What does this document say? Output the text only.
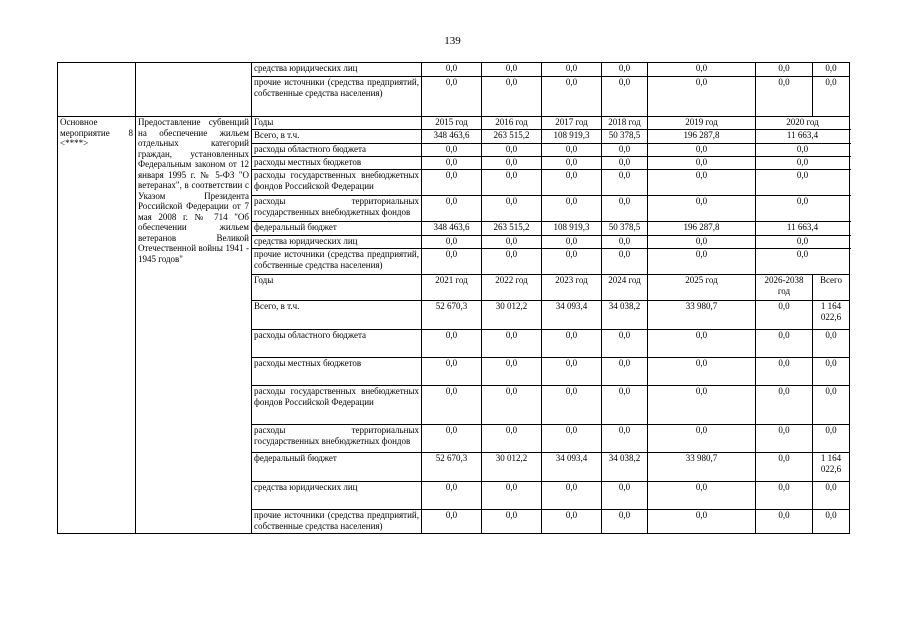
139
		средства юридических лиц	0,0	0,0	0,0	0,0	0,0	0,0	0,0
		прочие источники (средства предприятий, собственные средства населения)	0,0	0,0	0,0	0,0	0,0	0,0	0,0
Основное мероприятие 8 <****>	Предоставление субвенций на обеспечение жильем отдельных категорий граждан, установленных Федеральным законом от 12 января 1995 г. № 5-ФЗ "О ветеранах", в соответствии с Указом Президента Российской Федерации от 7 мая 2008 г. № 714 "Об обеспечении жильем ветеранов Великой Отечественной войны 1941 - 1945 годов"	Годы	2015 год	2016 год	2017 год	2018 год	2019 год	2020 год	
		Всего, в т.ч.	348 463,6	263 515,2	108 919,3	50 378,5	196 287,8	11 663,4	
		расходы областного бюджета	0,0	0,0	0,0	0,0	0,0	0,0	
		расходы местных бюджетов	0,0	0,0	0,0	0,0	0,0	0,0	
		расходы государственных внебюджетных фондов Российской Федерации	0,0	0,0	0,0	0,0	0,0	0,0	
		расходы территориальных государственных внебюджетных фондов	0,0	0,0	0,0	0,0	0,0	0,0	
		федеральный бюджет	348 463,6	263 515,2	108 919,3	50 378,5	196 287,8	11 663,4	
		средства юридических лиц	0,0	0,0	0,0	0,0	0,0	0,0	
		прочие источники (средства предприятий, собственные средства населения)	0,0	0,0	0,0	0,0	0,0	0,0	
		Годы	2021 год	2022 год	2023 год	2024 год	2025 год	2026-2038 год	Всего
		Всего, в т.ч.	52 670,3	30 012,2	34 093,4	34 038,2	33 980,7	0,0	1 164 022,6
		расходы областного бюджета	0,0	0,0	0,0	0,0	0,0	0,0	0,0
		расходы местных бюджетов	0,0	0,0	0,0	0,0	0,0	0,0	0,0
		расходы государственных внебюджетных фондов Российской Федерации	0,0	0,0	0,0	0,0	0,0	0,0	0,0
		расходы территориальных государственных внебюджетных фондов	0,0	0,0	0,0	0,0	0,0	0,0	0,0
		федеральный бюджет	52 670,3	30 012,2	34 093,4	34 038,2	33 980,7	0,0	1 164 022,6
		средства юридических лиц	0,0	0,0	0,0	0,0	0,0	0,0	0,0
		прочие источники (средства предприятий, собственные средства населения)	0,0	0,0	0,0	0,0	0,0	0,0	0,0
